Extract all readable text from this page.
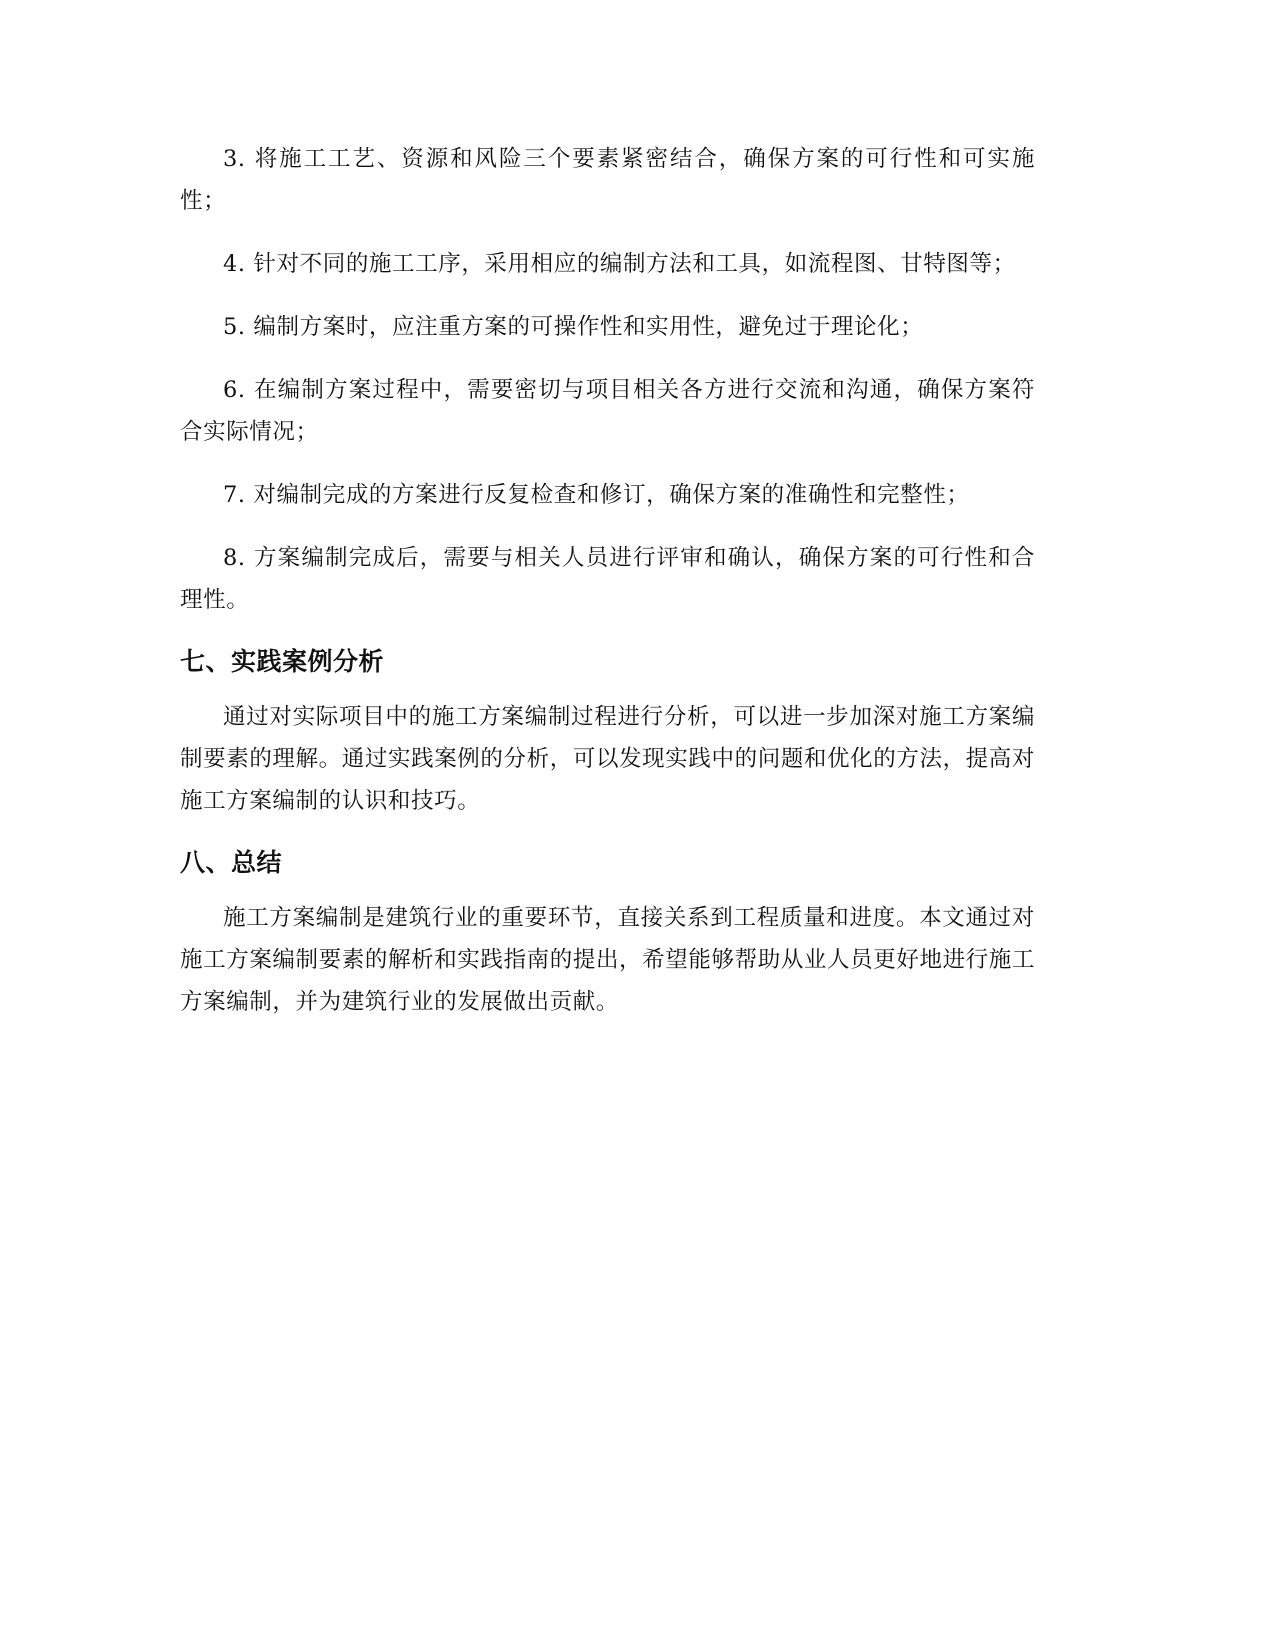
3. 将施工工艺、资源和风险三个要素紧密结合，确保方案的可行性和可实施性；

4. 针对不同的施工工序，采用相应的编制方法和工具，如流程图、甘特图等；

5. 编制方案时，应注重方案的可操作性和实用性，避免过于理论化；

6. 在编制方案过程中，需要密切与项目相关各方进行交流和沟通，确保方案符合实际情况；

7. 对编制完成的方案进行反复检查和修订，确保方案的准确性和完整性；

8. 方案编制完成后，需要与相关人员进行评审和确认，确保方案的可行性和合理性。

七、实践案例分析

通过对实际项目中的施工方案编制过程进行分析，可以进一步加深对施工方案编制要素的理解。通过实践案例的分析，可以发现实践中的问题和优化的方法，提高对施工方案编制的认识和技巧。

八、总结

施工方案编制是建筑行业的重要环节，直接关系到工程质量和进度。本文通过对施工方案编制要素的解析和实践指南的提出，希望能够帮助从业人员更好地进行施工方案编制，并为建筑行业的发展做出贡献。
